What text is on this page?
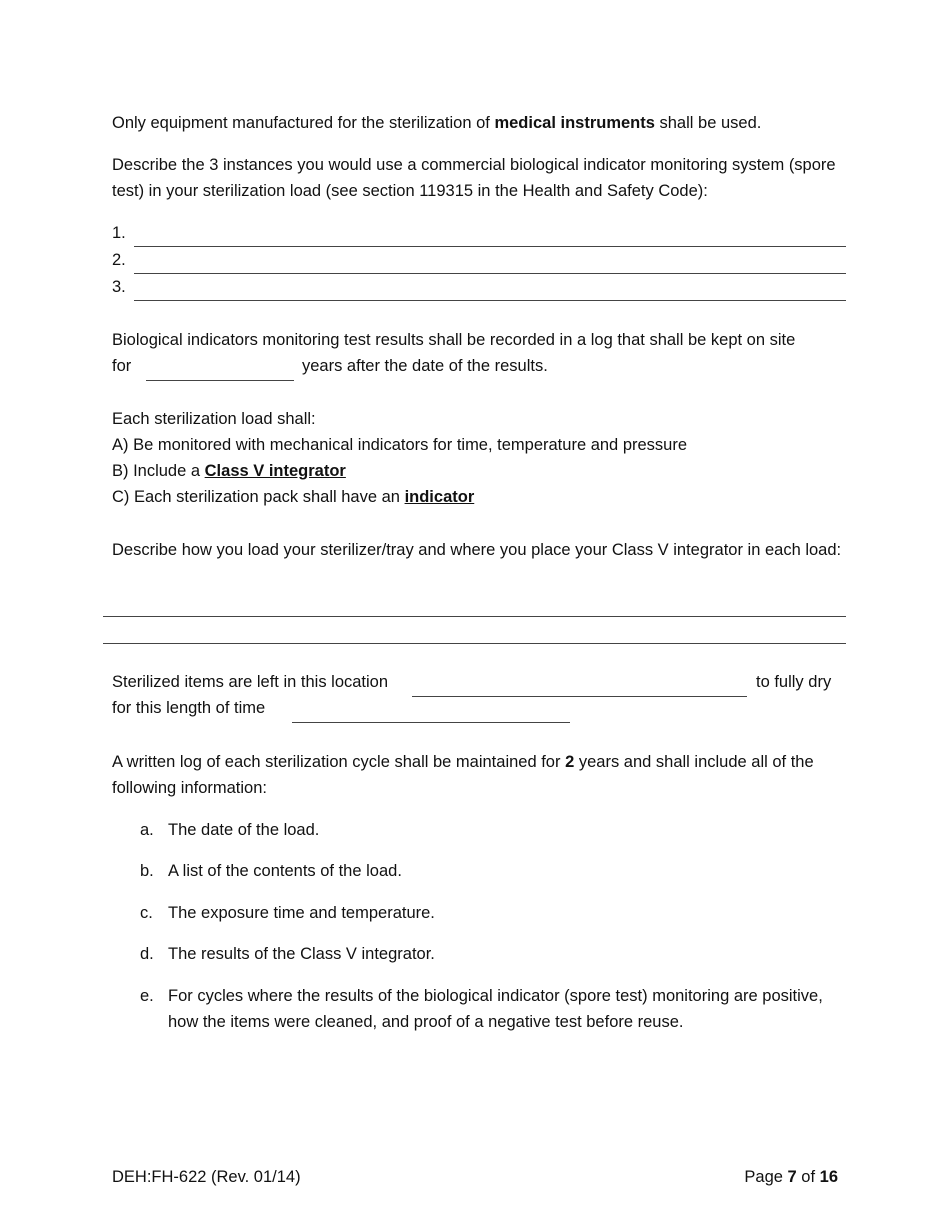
Only equipment manufactured for the sterilization of medical instruments shall be used.

Describe the 3 instances you would use a commercial biological indicator monitoring system (spore test) in your sterilization load (see section 119315 in the Health and Safety Code):

1.
2.
3.

Biological indicators monitoring test results shall be recorded in a log that shall be kept on site

for	years after the date of the results.

Each sterilization load shall:

A) Be monitored with mechanical indicators for time, temperature and pressure

B) Include a Class V integrator

C) Each sterilization pack shall have an indicator

Describe how you load your sterilizer/tray and where you place your Class V integrator in each load:

Sterilized items are left in this location	to fully dry
for this length of time

A written log of each sterilization cycle shall be maintained for 2 years and shall include all of the following information:

a. The date of the load.
b. A list of the contents of the load.
c. The exposure time and temperature.
d. The results of the Class V integrator.
e. For cycles where the results of the biological indicator (spore test) monitoring are positive, how the items were cleaned, and proof of a negative test before reuse.
DEH:FH-622 (Rev. 01/14)	Page 7 of 16
